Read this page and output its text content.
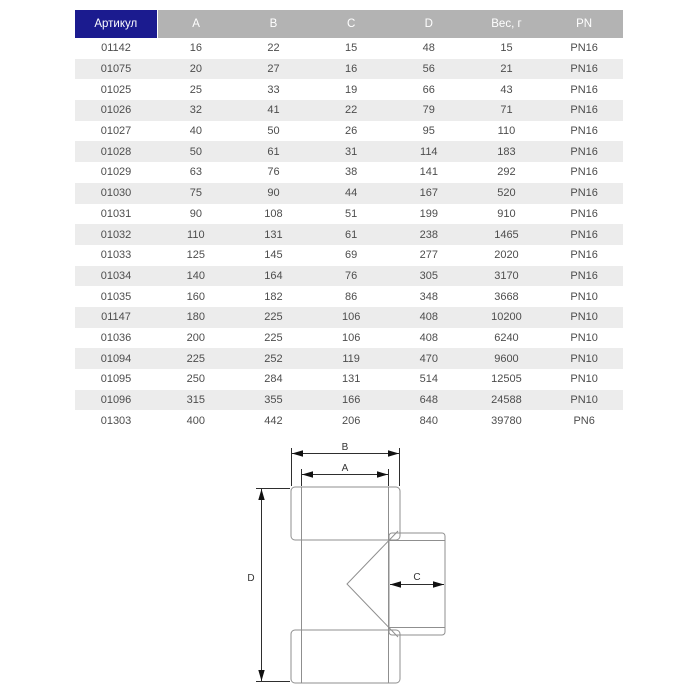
Артикул	A	B	C	D	Вес, г	PN
01142	16	22	15	48	15	PN16
01075	20	27	16	56	21	PN16
01025	25	33	19	66	43	PN16
01026	32	41	22	79	71	PN16
01027	40	50	26	95	110	PN16
01028	50	61	31	114	183	PN16
01029	63	76	38	141	292	PN16
01030	75	90	44	167	520	PN16
01031	90	108	51	199	910	PN16
01032	110	131	61	238	1465	PN16
01033	125	145	69	277	2020	PN16
01034	140	164	76	305	3170	PN16
01035	160	182	86	348	3668	PN10
01147	180	225	106	408	10200	PN10
01036	200	225	106	408	6240	PN10
01094	225	252	119	470	9600	PN10
01095	250	284	131	514	12505	PN10
01096	315	355	166	648	24588	PN10
01303	400	442	206	840	39780	PN6
B
A
C
D
